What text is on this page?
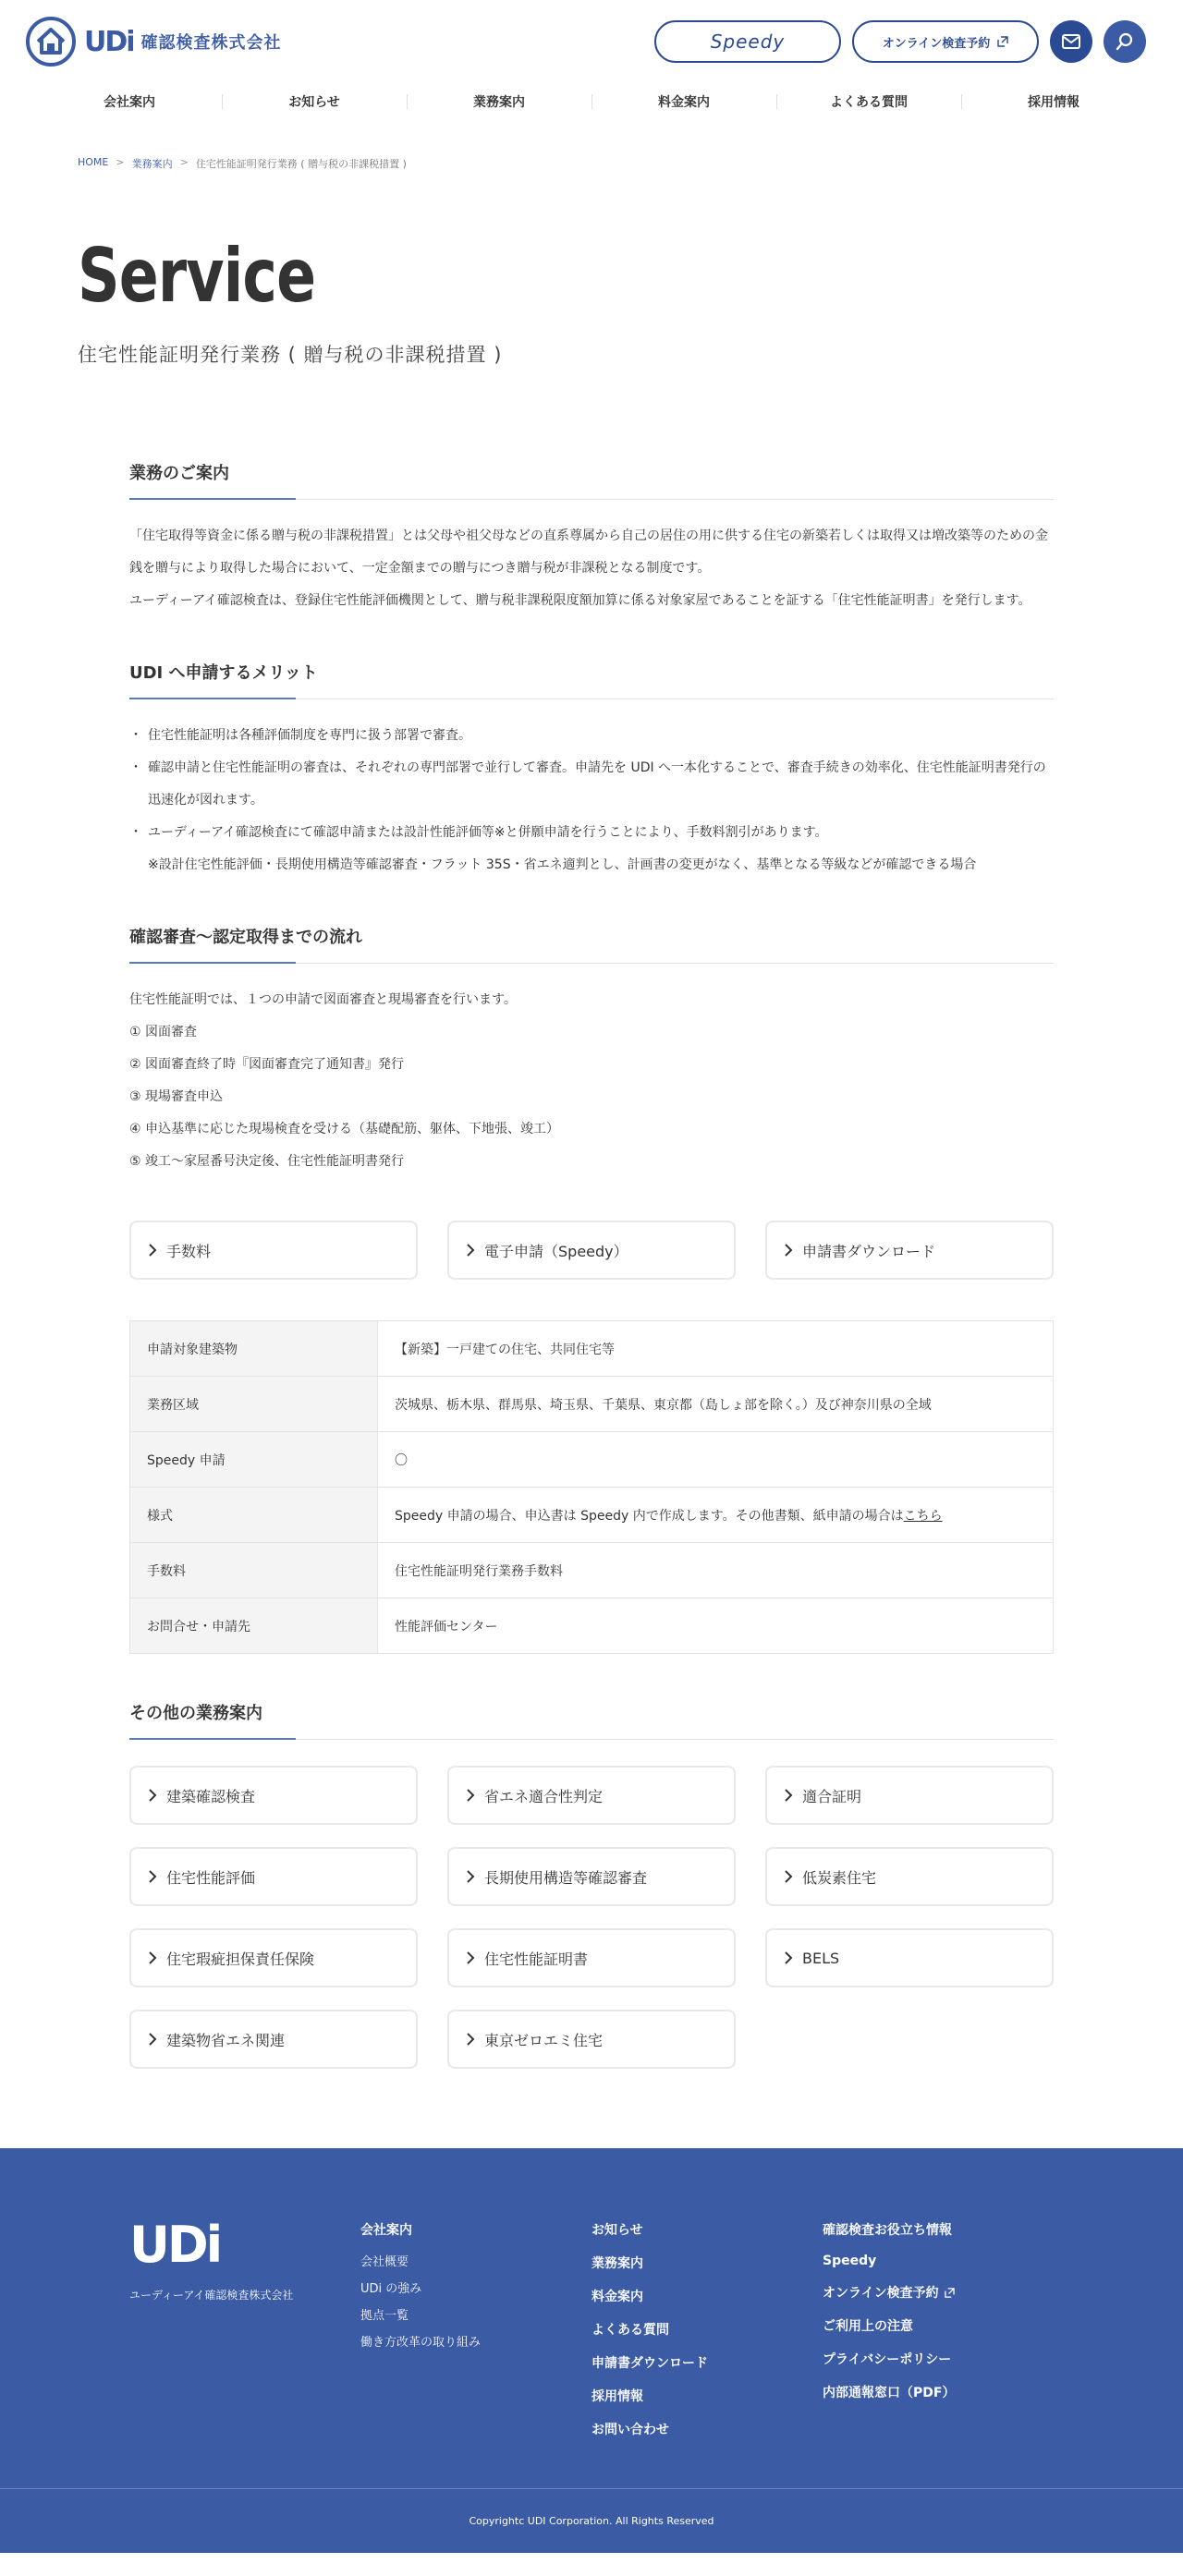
UDi 確認検査株式会社	Speedy	オンライン検査予約
会社案内	お知らせ	業務案内	料金案内	よくある質問	採用情報
HOME > 業務案内 > 住宅性能証明発行業務 ( 贈与税の非課税措置 )
Service

住宅性能証明発行業務 ( 贈与税の非課税措置 )

業務のご案内

「住宅取得等資金に係る贈与税の非課税措置」とは父母や祖父母などの直系尊属から自己の居住の用に供する住宅の新築若しくは取得又は増改築等のための金銭を贈与により取得した場合において、一定金額までの贈与につき贈与税が非課税となる制度です。

ユーディーアイ確認検査は、登録住宅性能評価機関として、贈与税非課税限度額加算に係る対象家屋であることを証する「住宅性能証明書」を発行します。

UDI へ申請するメリット
・ 住宅性能証明は各種評価制度を専門に扱う部署で審査。
・ 確認申請と住宅性能証明の審査は、それぞれの専門部署で並行して審査。申請先を UDI へ一本化することで、審査手続きの効率化、住宅性能証明書発行の迅速化が図れます。
・ ユーディーアイ確認検査にて確認申請または設計性能評価等※と併願申請を行うことにより、手数料割引があります。

※設計住宅性能評価・長期使用構造等確認審査・フラット 35S・省エネ適判とし、計画書の変更がなく、基準となる等級などが確認できる場合

確認審査～認定取得までの流れ

住宅性能証明では、１つの申請で図面審査と現場審査を行います。

① 図面審査

② 図面審査終了時『図面審査完了通知書』発行

③ 現場審査申込

④ 申込基準に応じた現場検査を受ける（基礎配筋、躯体、下地張、竣工）

⑤ 竣工～家屋番号決定後、住宅性能証明書発行

手数料	電子申請（Speedy）	申請書ダウンロード
申請対象建築物	【新築】一戸建ての住宅、共同住宅等
業務区域	茨城県、栃木県、群馬県、埼玉県、千葉県、東京都（島しょ部を除く。）及び神奈川県の全域
Speedy 申請	〇
様式	Speedy 申請の場合、申込書は Speedy 内で作成します。その他書類、紙申請の場合はこちら
手数料	住宅性能証明発行業務手数料
お問合せ・申請先	性能評価センター
その他の業務案内
建築確認検査	省エネ適合性判定	適合証明
住宅性能評価	長期使用構造等確認審査	低炭素住宅
住宅瑕疵担保責任保険	住宅性能証明書	BELS
建築物省エネ関連	東京ゼロエミ住宅
UDi
ユーディーアイ確認検査株式会社
会社案内
会社概要
UDi の強み
拠点一覧
働き方改革の取り組み
お知らせ
業務案内
料金案内
よくある質問
申請書ダウンロード
採用情報
お問い合わせ
確認検査お役立ち情報
Speedy
オンライン検査予約
ご利用上の注意
プライバシーポリシー
内部通報窓口（PDF）
Copyrightc UDI Corporation. All Rights Reserved
